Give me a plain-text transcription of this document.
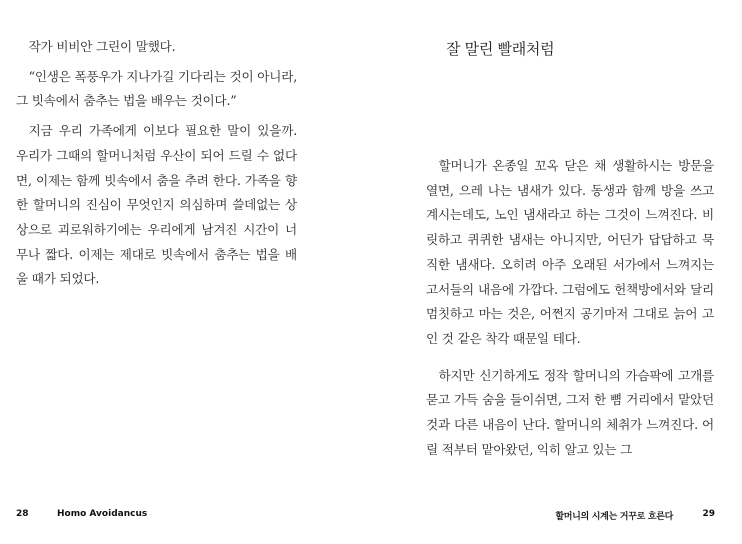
작가 비비안 그린이 말했다.

“인생은 폭풍우가 지나가길 기다리는 것이 아니라, 그 빗속에서 춤추는 법을 배우는 것이다.”

지금 우리 가족에게 이보다 필요한 말이 있을까. 우리가 그때의 할머니처럼 우산이 되어 드릴 수 없다면, 이제는 함께 빗속에서 춤을 추려 한다. 가족을 향한 할머니의 진심이 무엇인지 의심하며 쓸데없는 상상으로 괴로워하기에는 우리에게 남겨진 시간이 너무나 짧다. 이제는 제대로 빗속에서 춤추는 법을 배울 때가 되었다.

28	Homo Avoidancus
잘 말린 빨래처럼

할머니가 온종일 꼬옥 닫은 채 생활하시는 방문을 열면, 으레 나는 냄새가 있다. 동생과 함께 방을 쓰고 계시는데도, 노인 냄새라고 하는 그것이 느껴진다. 비릿하고 퀴퀴한 냄새는 아니지만, 어딘가 답답하고 묵직한 냄새다. 오히려 아주 오래된 서가에서 느껴지는 고서들의 내음에 가깝다. 그럼에도 헌책방에서와 달리 멈칫하고 마는 것은, 어쩐지 공기마저 그대로 늙어 고인 것 같은 착각 때문일 테다.

하지만 신기하게도 정작 할머니의 가슴팍에 고개를 묻고 가득 숨을 들이쉬면, 그저 한 뼘 거리에서 맡았던 것과 다른 내음이 난다. 할머니의 체취가 느껴진다. 어릴 적부터 맡아왔던, 익히 알고 있는 그

할머니의 시계는 거꾸로 흐른다	29
